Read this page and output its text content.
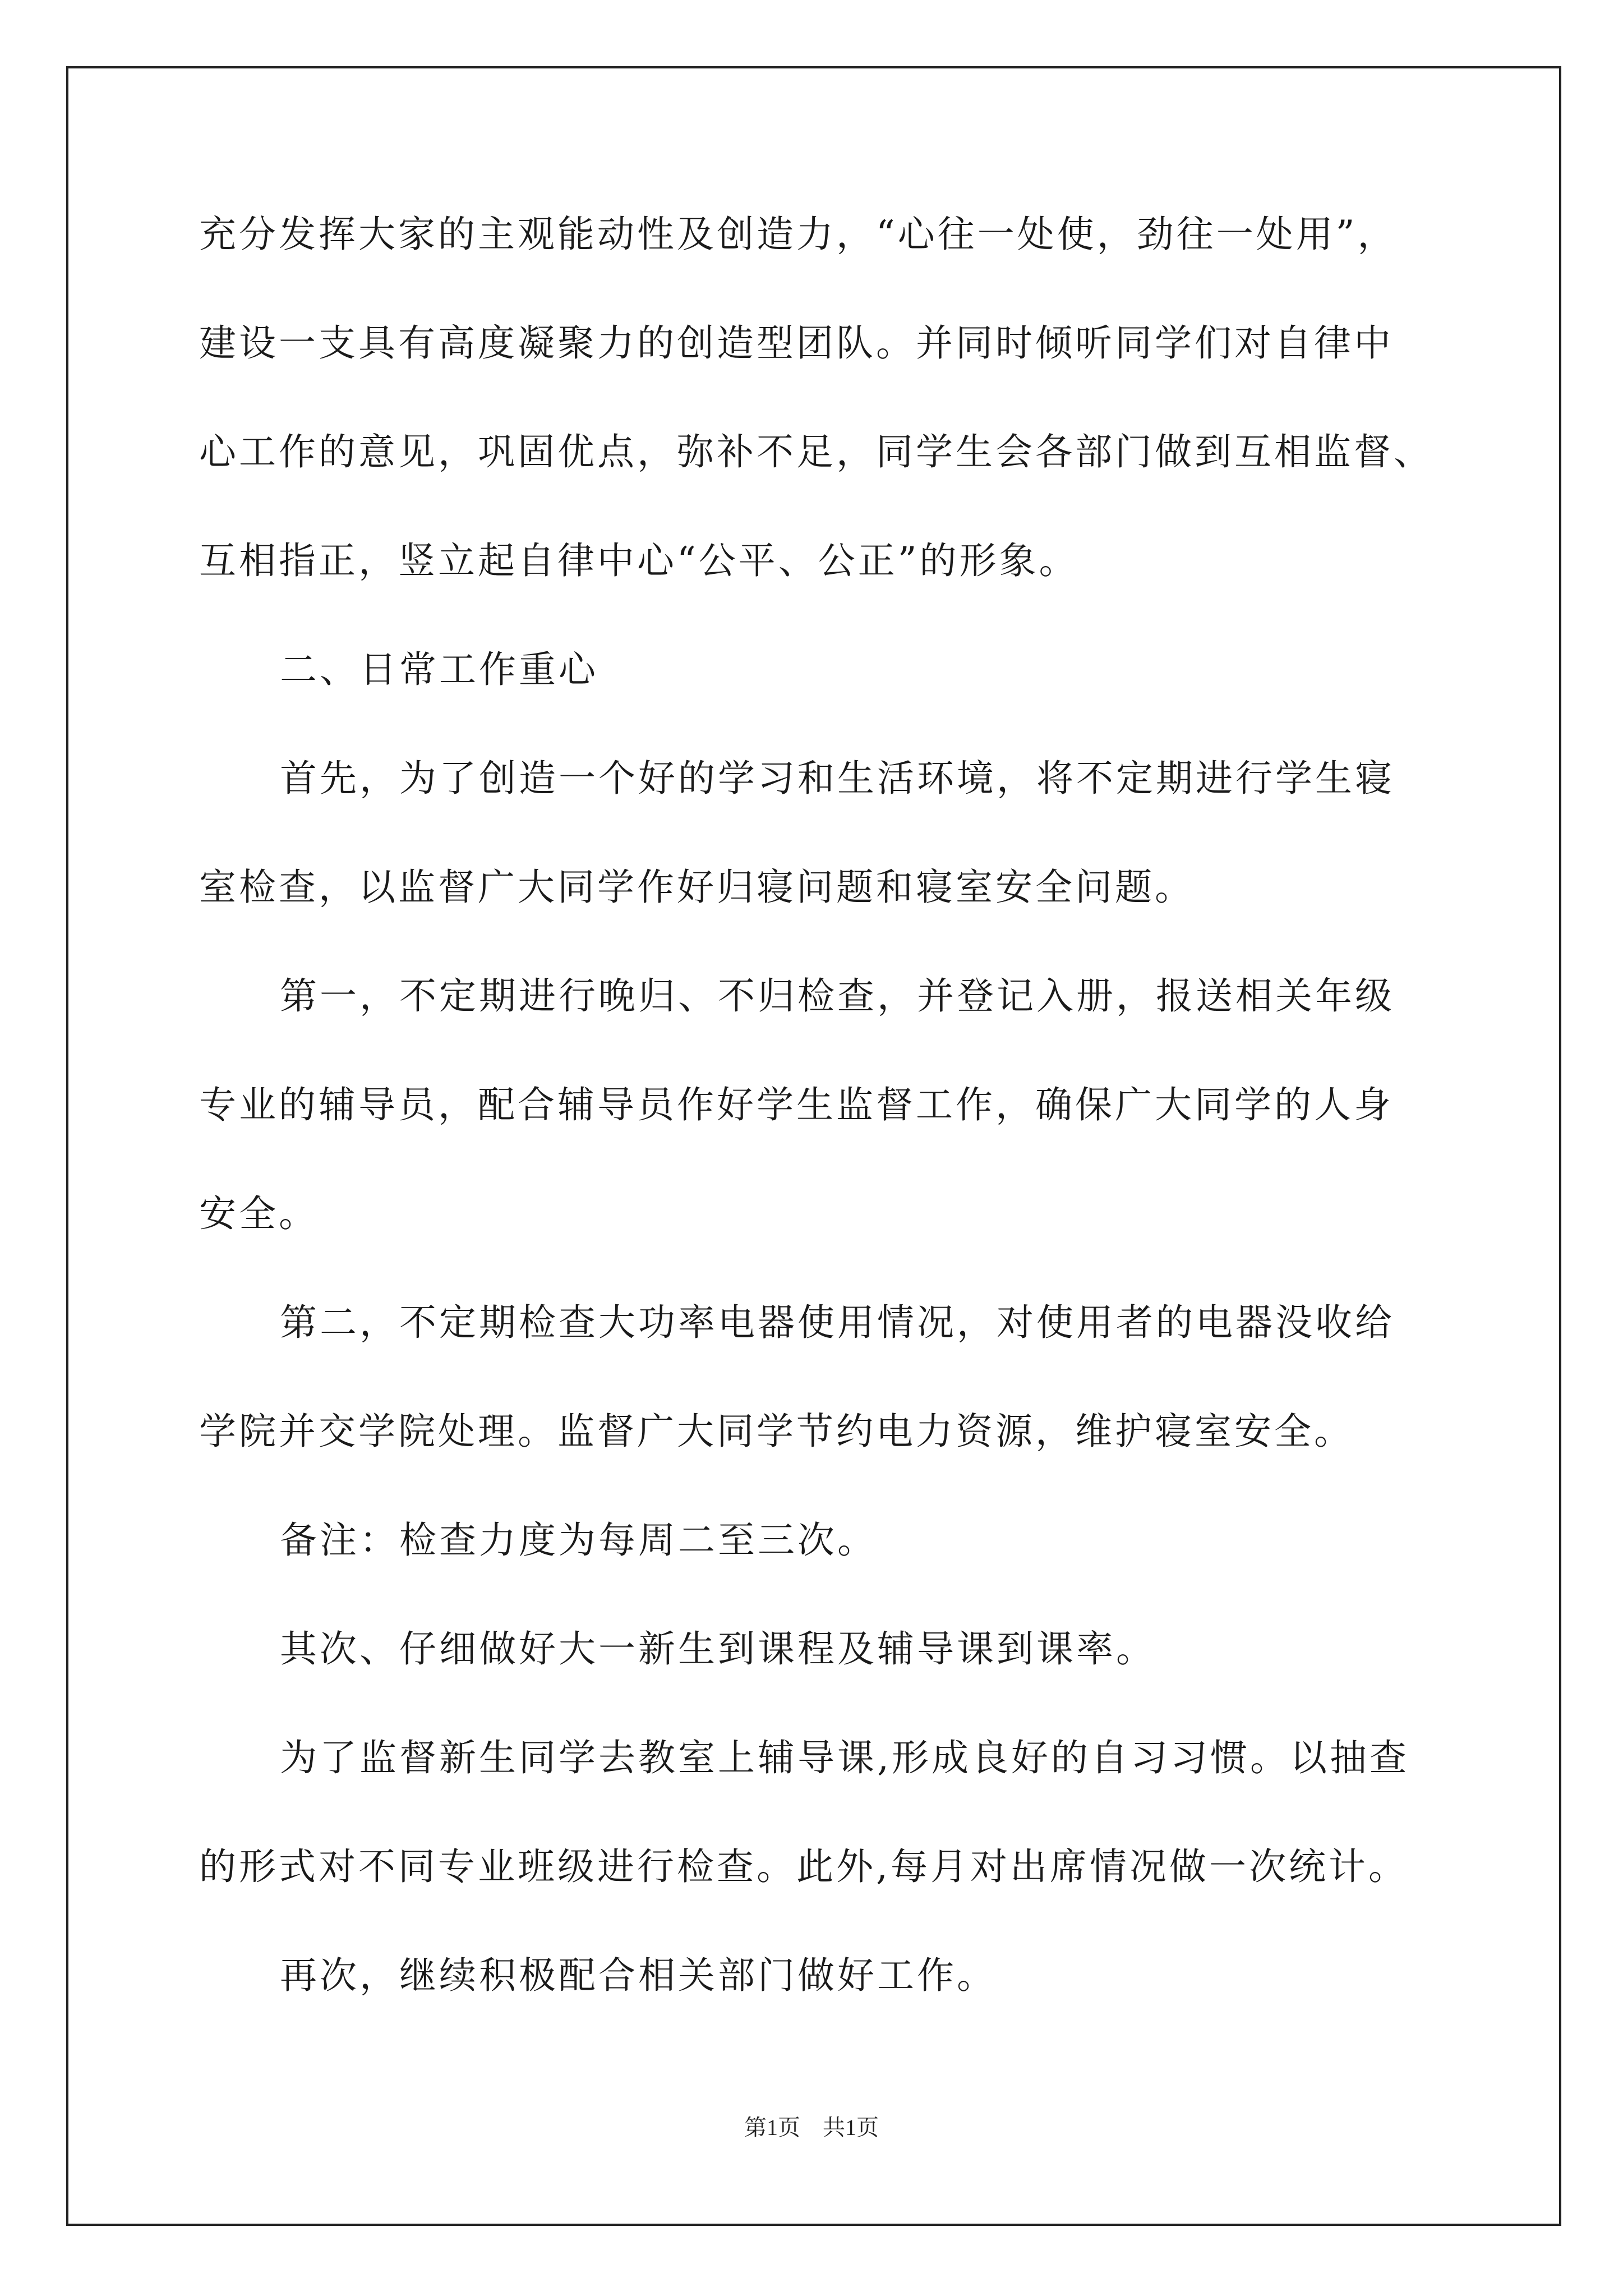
充分发挥大家的主观能动性及创造力，“心往一处使，劲往一处用”，
建设一支具有高度凝聚力的创造型团队。并同时倾听同学们对自律中
心工作的意见，巩固优点，弥补不足，同学生会各部门做到互相监督、
互相指正，竖立起自律中心“公平、公正”的形象。
二、日常工作重心
首先，为了创造一个好的学习和生活环境，将不定期进行学生寝
室检查，以监督广大同学作好归寝问题和寝室安全问题。
第一，不定期进行晚归、不归检查，并登记入册，报送相关年级
专业的辅导员，配合辅导员作好学生监督工作，确保广大同学的人身
安全。
第二，不定期检查大功率电器使用情况，对使用者的电器没收给
学院并交学院处理。监督广大同学节约电力资源，维护寝室安全。
备注：检查力度为每周二至三次。
其次、仔细做好大一新生到课程及辅导课到课率。
为了监督新生同学去教室上辅导课,形成良好的自习习惯。以抽查
的形式对不同专业班级进行检查。此外,每月对出席情况做一次统计。
再次，继续积极配合相关部门做好工作。
第1页　共1页
